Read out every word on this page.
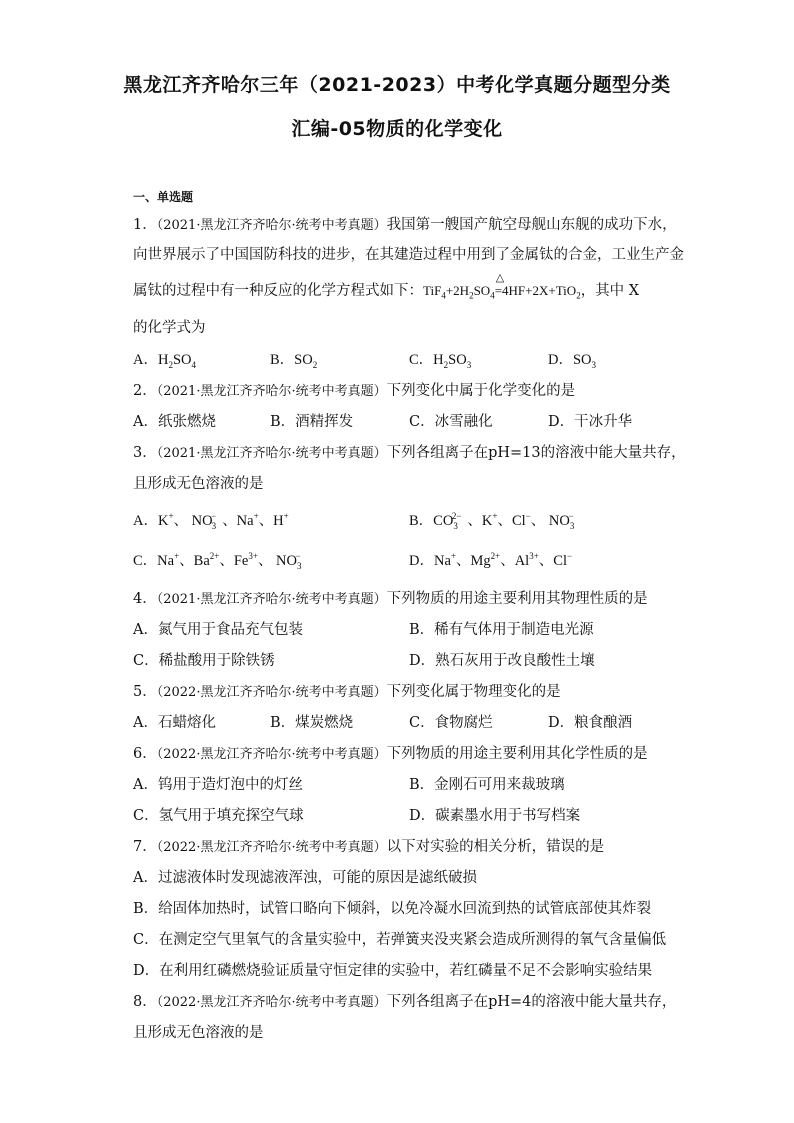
黑龙江齐齐哈尔三年（2021-2023）中考化学真题分题型分类
汇编-05物质的化学变化
一、单选题
1．（2021·黑龙江齐齐哈尔·统考中考真题）我国第一艘国产航空母舰山东舰的成功下水，
向世界展示了中国国防科技的进步，在其建造过程中用到了金属钛的合金，工业生产金
属钛的过程中有一种反应的化学方程式如下：$TiF_4+2H_2SO_4=$
△
4HF+2X+TiO$_2$，其中 X
的化学式为
A．$H_2SO_4$	B．$SO_2$	C．$H_2SO_3$	D．$SO_3$
2．（2021·黑龙江齐齐哈尔·统考中考真题）下列变化中属于化学变化的是
A．纸张燃烧	B．酒精挥发	C．冰雪融化	D．干冰升华
3．（2021·黑龙江齐齐哈尔·统考中考真题）下列各组离子在pH=13的溶液中能大量共存，
且形成无色溶液的是
A．K+、 $NO_3^-$ 、Na+、H+	B．$CO_3^{2-}$ 、K+、Cl−、 $NO_3^-$
C．Na+、$Ba^{2+}$、$Fe^{3+}$、 $NO_3^-$	D．Na+、$Mg^{2+}$、$Al^{3+}$、Cl−
4．（2021·黑龙江齐齐哈尔·统考中考真题）下列物质的用途主要利用其物理性质的是
A．氮气用于食品充气包装	B．稀有气体用于制造电光源
C．稀盐酸用于除铁锈	D．熟石灰用于改良酸性土壤
5．（2022·黑龙江齐齐哈尔·统考中考真题）下列变化属于物理变化的是
A．石蜡熔化	B．煤炭燃烧	C．食物腐烂	D．粮食酿酒
6．（2022·黑龙江齐齐哈尔·统考中考真题）下列物质的用途主要利用其化学性质的是
A．钨用于造灯泡中的灯丝	B．金刚石可用来裁玻璃
C．氢气用于填充探空气球	D．碳素墨水用于书写档案
7．（2022·黑龙江齐齐哈尔·统考中考真题）以下对实验的相关分析，错误的是
A．过滤液体时发现滤液浑浊，可能的原因是滤纸破损
B．给固体加热时，试管口略向下倾斜，以免冷凝水回流到热的试管底部使其炸裂
C．在测定空气里氧气的含量实验中，若弹簧夹没夹紧会造成所测得的氧气含量偏低
D．在利用红磷燃烧验证质量守恒定律的实验中，若红磷量不足不会影响实验结果
8．（2022·黑龙江齐齐哈尔·统考中考真题）下列各组离子在pH=4的溶液中能大量共存，
且形成无色溶液的是
